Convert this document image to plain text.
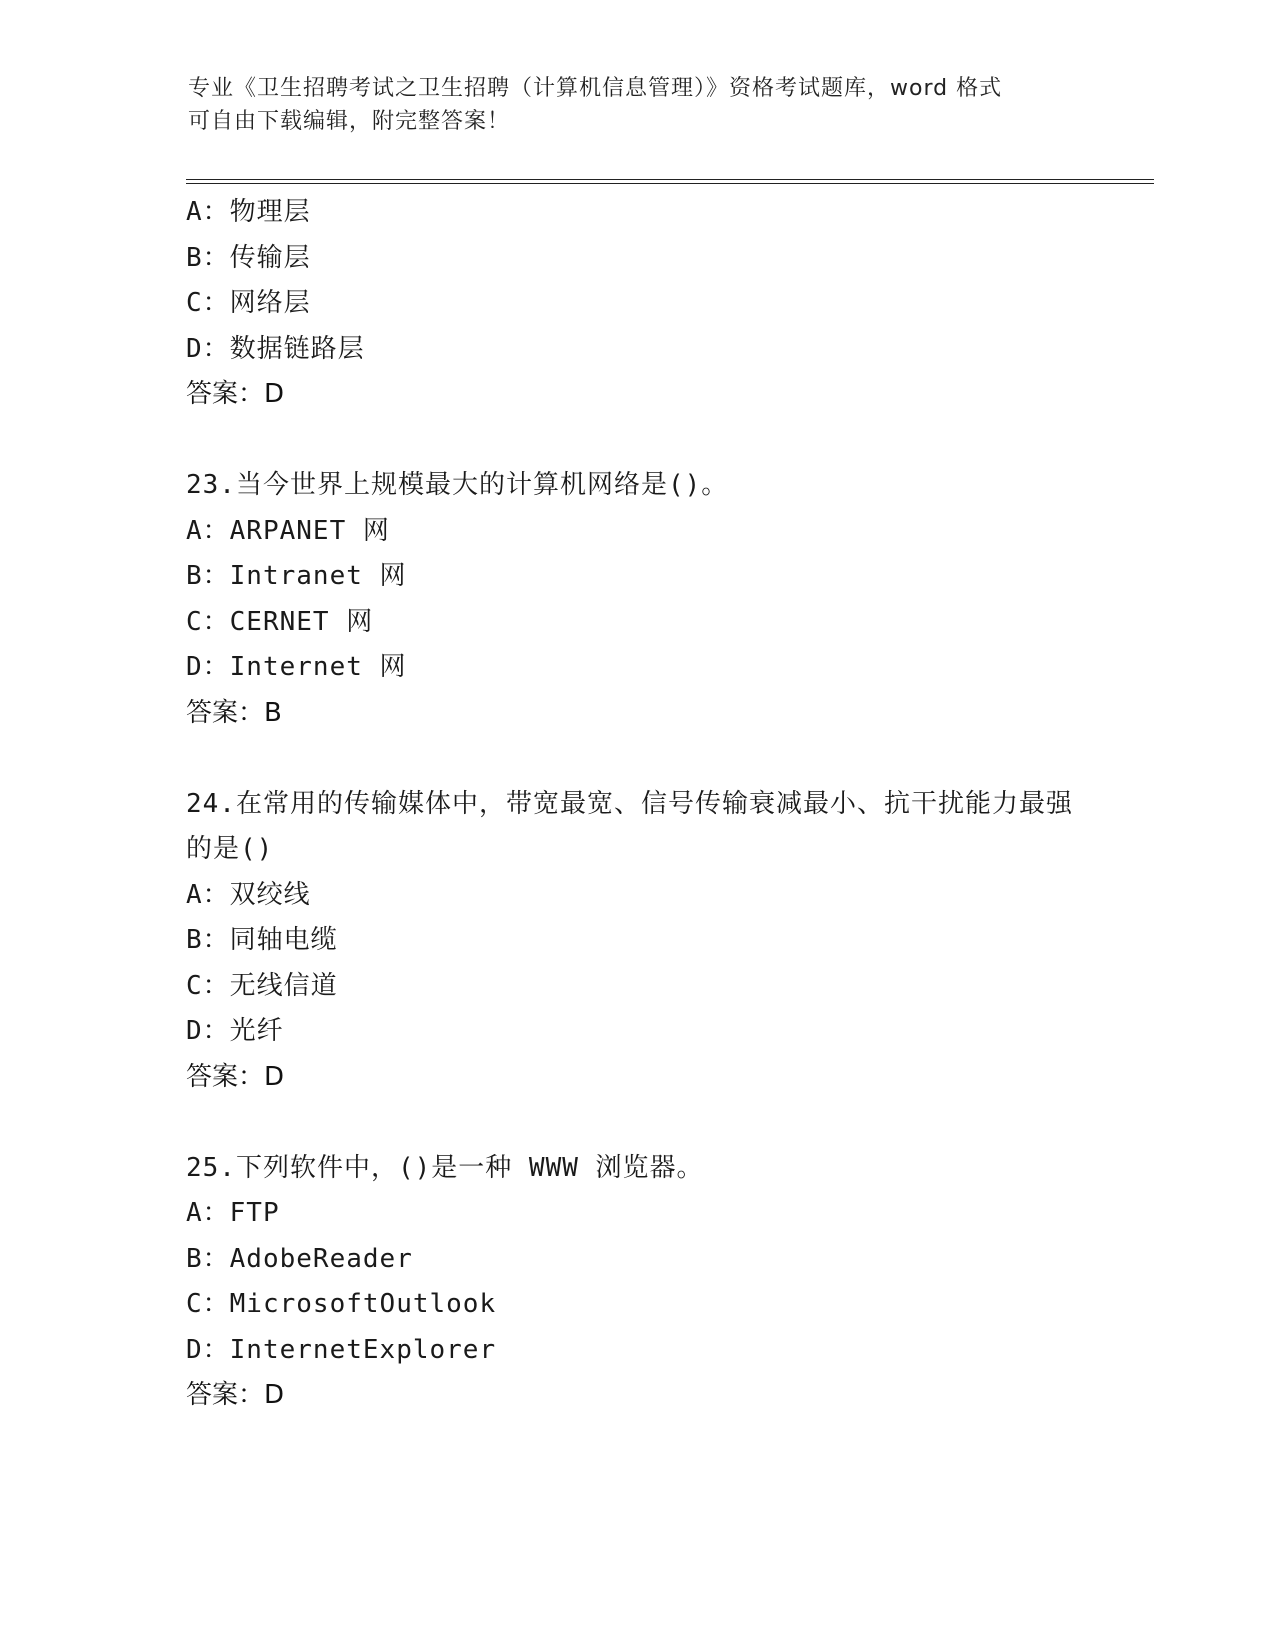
专业《卫生招聘考试之卫生招聘（计算机信息管理）》资格考试题库，word 格式
可自由下载编辑，附完整答案！
A：物理层
B：传输层
C：网络层
D：数据链路层
答案：D
23.当今世界上规模最大的计算机网络是()。
A：ARPANET 网
B：Intranet 网
C：CERNET 网
D：Internet 网
答案：B
24.在常用的传输媒体中，带宽最宽、信号传输衰减最小、抗干扰能力最强的是()
A：双绞线
B：同轴电缆
C：无线信道
D：光纤
答案：D
25.下列软件中，()是一种 WWW 浏览器。
A：FTP
B：AdobeReader
C：MicrosoftOutlook
D：InternetExplorer
答案：D
